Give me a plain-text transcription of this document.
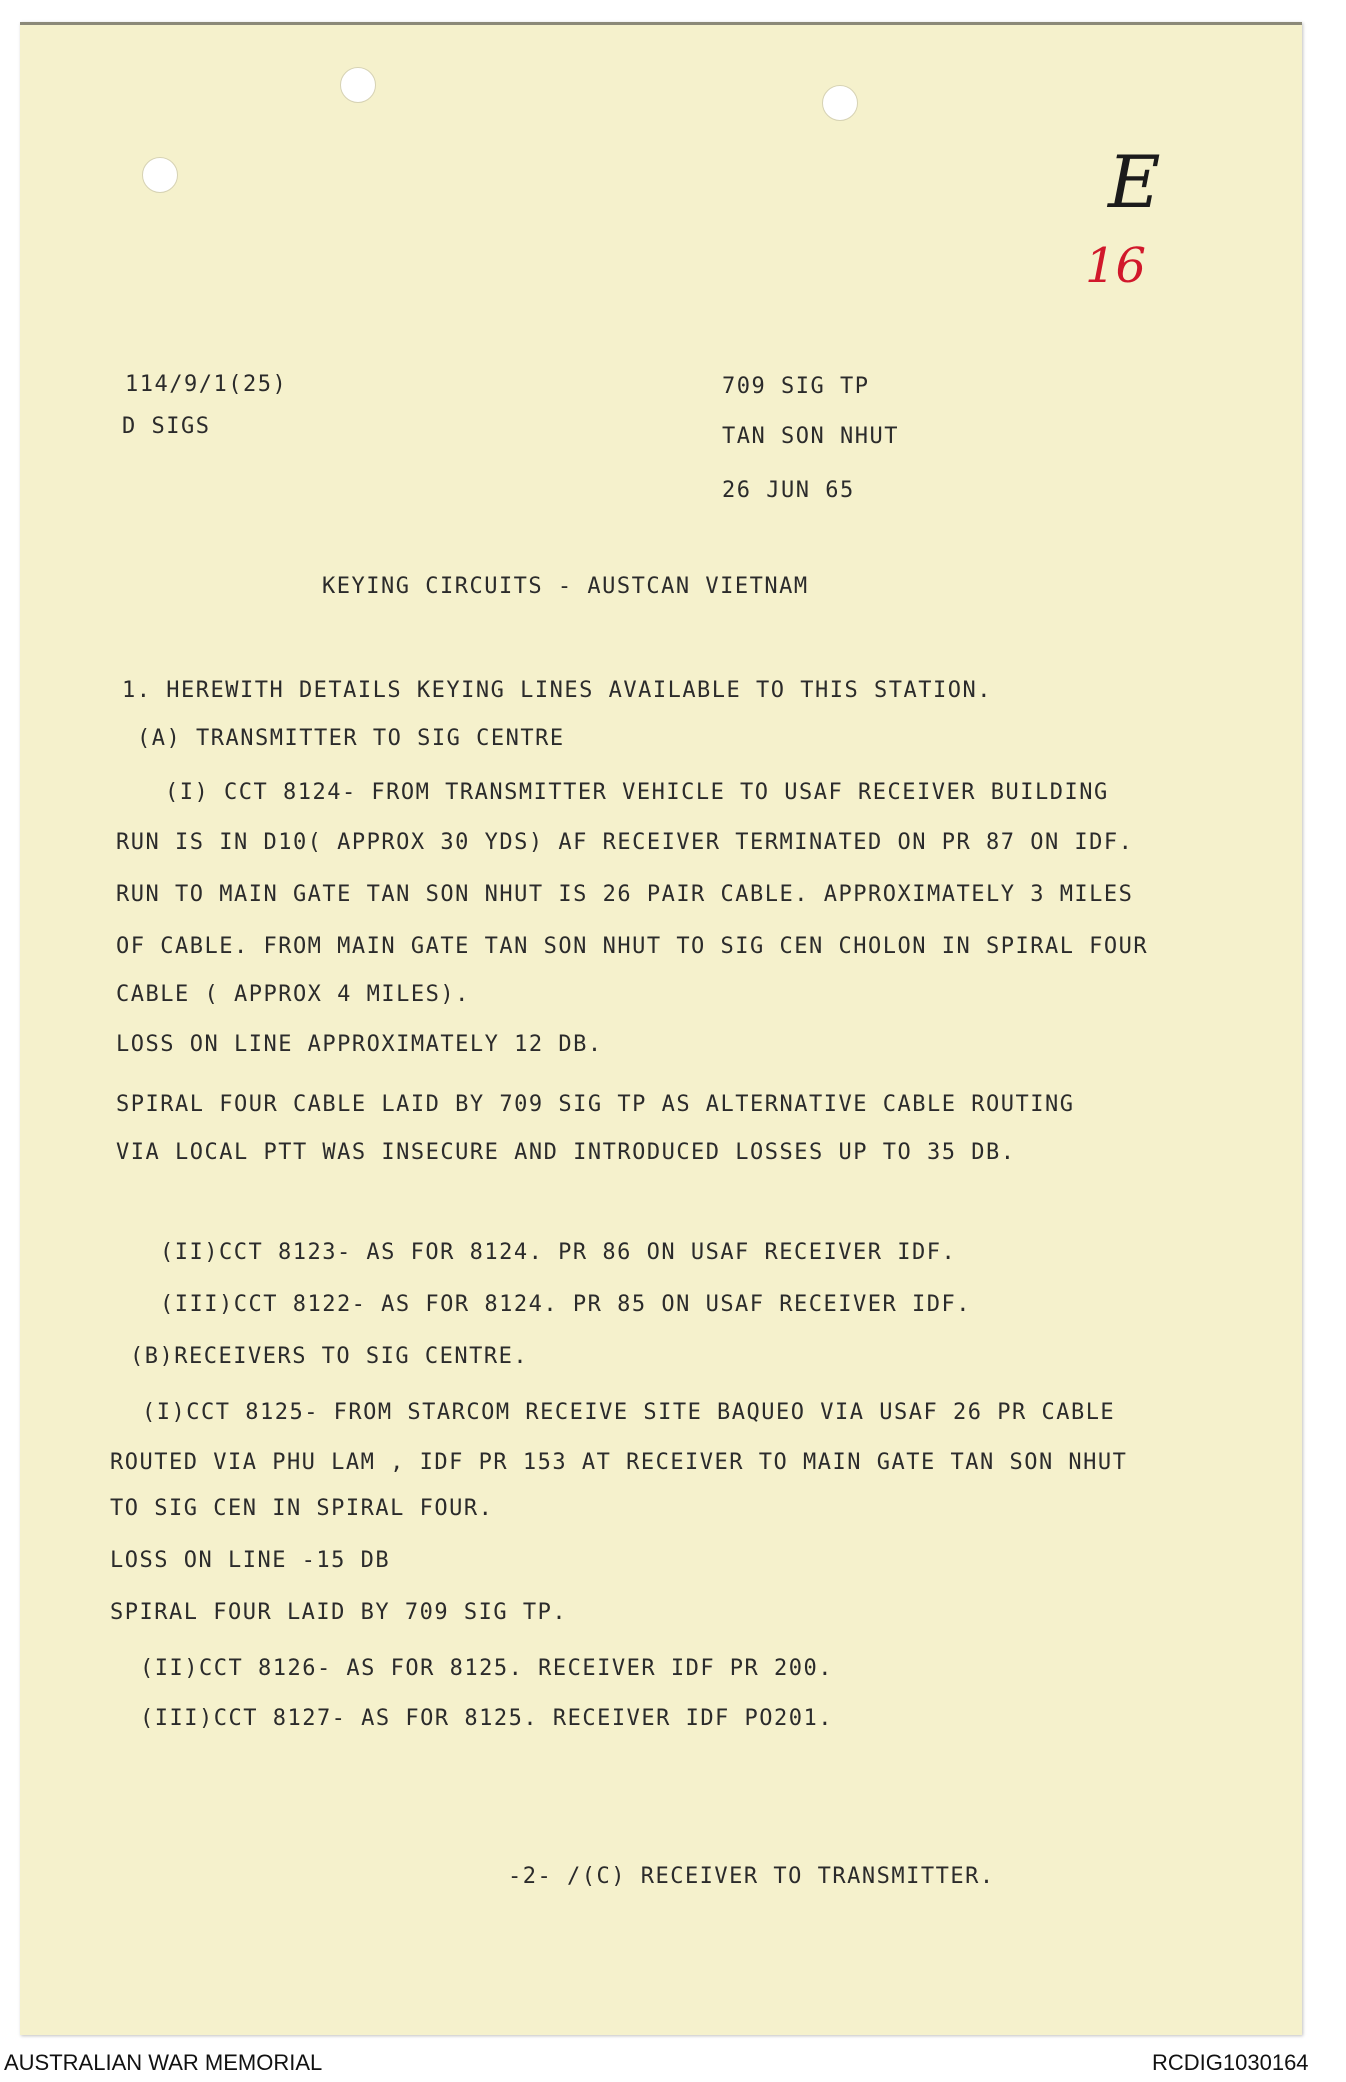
E
16
114/9/1(25)
D SIGS
709 SIG TP
TAN SON NHUT
26 JUN 65
KEYING CIRCUITS - AUSTCAN VIETNAM
1. HEREWITH DETAILS KEYING LINES AVAILABLE TO THIS STATION.
(A) TRANSMITTER TO SIG CENTRE
(I) CCT 8124- FROM TRANSMITTER VEHICLE TO USAF RECEIVER BUILDING
RUN IS IN D10( APPROX 30 YDS) AF RECEIVER TERMINATED ON PR 87 ON IDF.
RUN TO MAIN GATE TAN SON NHUT IS 26 PAIR CABLE. APPROXIMATELY 3 MILES
OF CABLE. FROM MAIN GATE TAN SON NHUT TO SIG CEN CHOLON IN SPIRAL FOUR
CABLE ( APPROX 4 MILES).
LOSS ON LINE APPROXIMATELY 12 DB.
SPIRAL FOUR CABLE LAID BY 709 SIG TP AS ALTERNATIVE CABLE ROUTING
VIA LOCAL PTT WAS INSECURE AND INTRODUCED LOSSES UP TO 35 DB.
(II)CCT 8123- AS FOR 8124. PR 86 ON USAF RECEIVER IDF.
(III)CCT 8122- AS FOR 8124. PR 85 ON USAF RECEIVER IDF.
(B)RECEIVERS TO SIG CENTRE.
(I)CCT 8125- FROM STARCOM RECEIVE SITE BAQUEO VIA USAF 26 PR CABLE
ROUTED VIA PHU LAM , IDF PR 153 AT RECEIVER TO MAIN GATE TAN SON NHUT
TO SIG CEN IN SPIRAL FOUR.
LOSS ON LINE -15 DB
SPIRAL FOUR LAID BY 709 SIG TP.
(II)CCT 8126- AS FOR 8125. RECEIVER IDF PR 200.
(III)CCT 8127- AS FOR 8125. RECEIVER IDF PO201.
-2- /(C) RECEIVER TO TRANSMITTER.
AUSTRALIAN WAR MEMORIAL	RCDIG1030164
